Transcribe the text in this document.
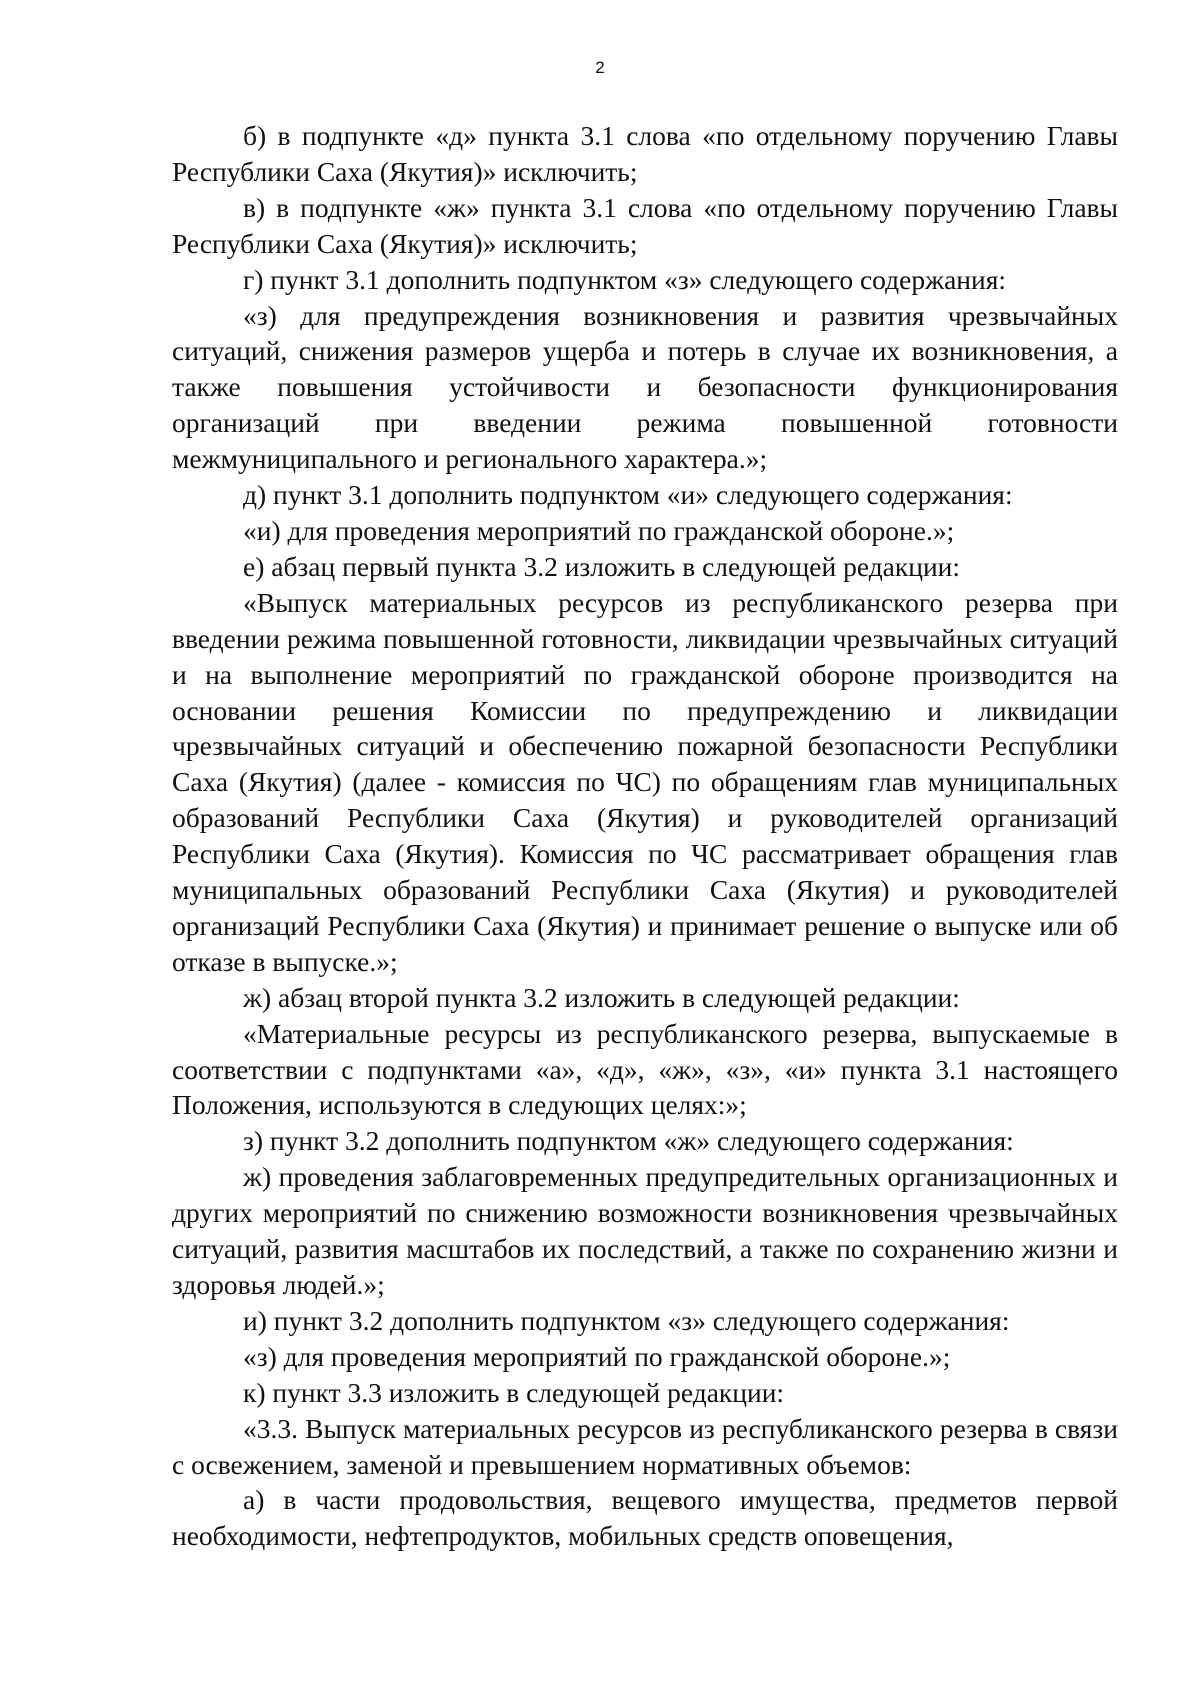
2

б) в подпункте «д» пункта 3.1 слова «по отдельному поручению Главы Республики Саха (Якутия)» исключить;

в) в подпункте «ж» пункта 3.1 слова «по отдельному поручению Главы Республики Саха (Якутия)» исключить;

г) пункт 3.1 дополнить подпунктом «з» следующего содержания:

«з) для предупреждения возникновения и развития чрезвычайных ситуаций, снижения размеров ущерба и потерь в случае их возникновения, а также повышения устойчивости и безопасности функционирования организаций при введении режима повышенной готовности межмуниципального и регионального характера.»;

д) пункт 3.1 дополнить подпунктом «и» следующего содержания:

«и) для проведения мероприятий по гражданской обороне.»;

е) абзац первый пункта 3.2 изложить в следующей редакции:

«Выпуск материальных ресурсов из республиканского резерва при введении режима повышенной готовности, ликвидации чрезвычайных ситуаций и на выполнение мероприятий по гражданской обороне производится на основании решения Комиссии по предупреждению и ликвидации чрезвычайных ситуаций и обеспечению пожарной безопасности Республики Саха (Якутия) (далее - комиссия по ЧС) по обращениям глав муниципальных образований Республики Саха (Якутия) и руководителей организаций Республики Саха (Якутия). Комиссия по ЧС рассматривает обращения глав муниципальных образований Республики Саха (Якутия) и руководителей организаций Республики Саха (Якутия) и принимает решение о выпуске или об отказе в выпуске.»;

ж) абзац второй пункта 3.2 изложить в следующей редакции:

«Материальные ресурсы из республиканского резерва, выпускаемые в соответствии с подпунктами «а», «д», «ж», «з», «и» пункта 3.1 настоящего Положения, используются в следующих целях:»;

з) пункт 3.2 дополнить подпунктом «ж» следующего содержания:

ж) проведения заблаговременных предупредительных организационных и других мероприятий по снижению возможности возникновения чрезвычайных ситуаций, развития масштабов их последствий, а также по сохранению жизни и здоровья людей.»;

и) пункт 3.2 дополнить подпунктом «з» следующего содержания:

«з) для проведения мероприятий по гражданской обороне.»;

к) пункт 3.3 изложить в следующей редакции:

«3.3. Выпуск материальных ресурсов из республиканского резерва в связи с освежением, заменой и превышением нормативных объемов:

а) в части продовольствия, вещевого имущества, предметов первой необходимости, нефтепродуктов, мобильных средств оповещения,
